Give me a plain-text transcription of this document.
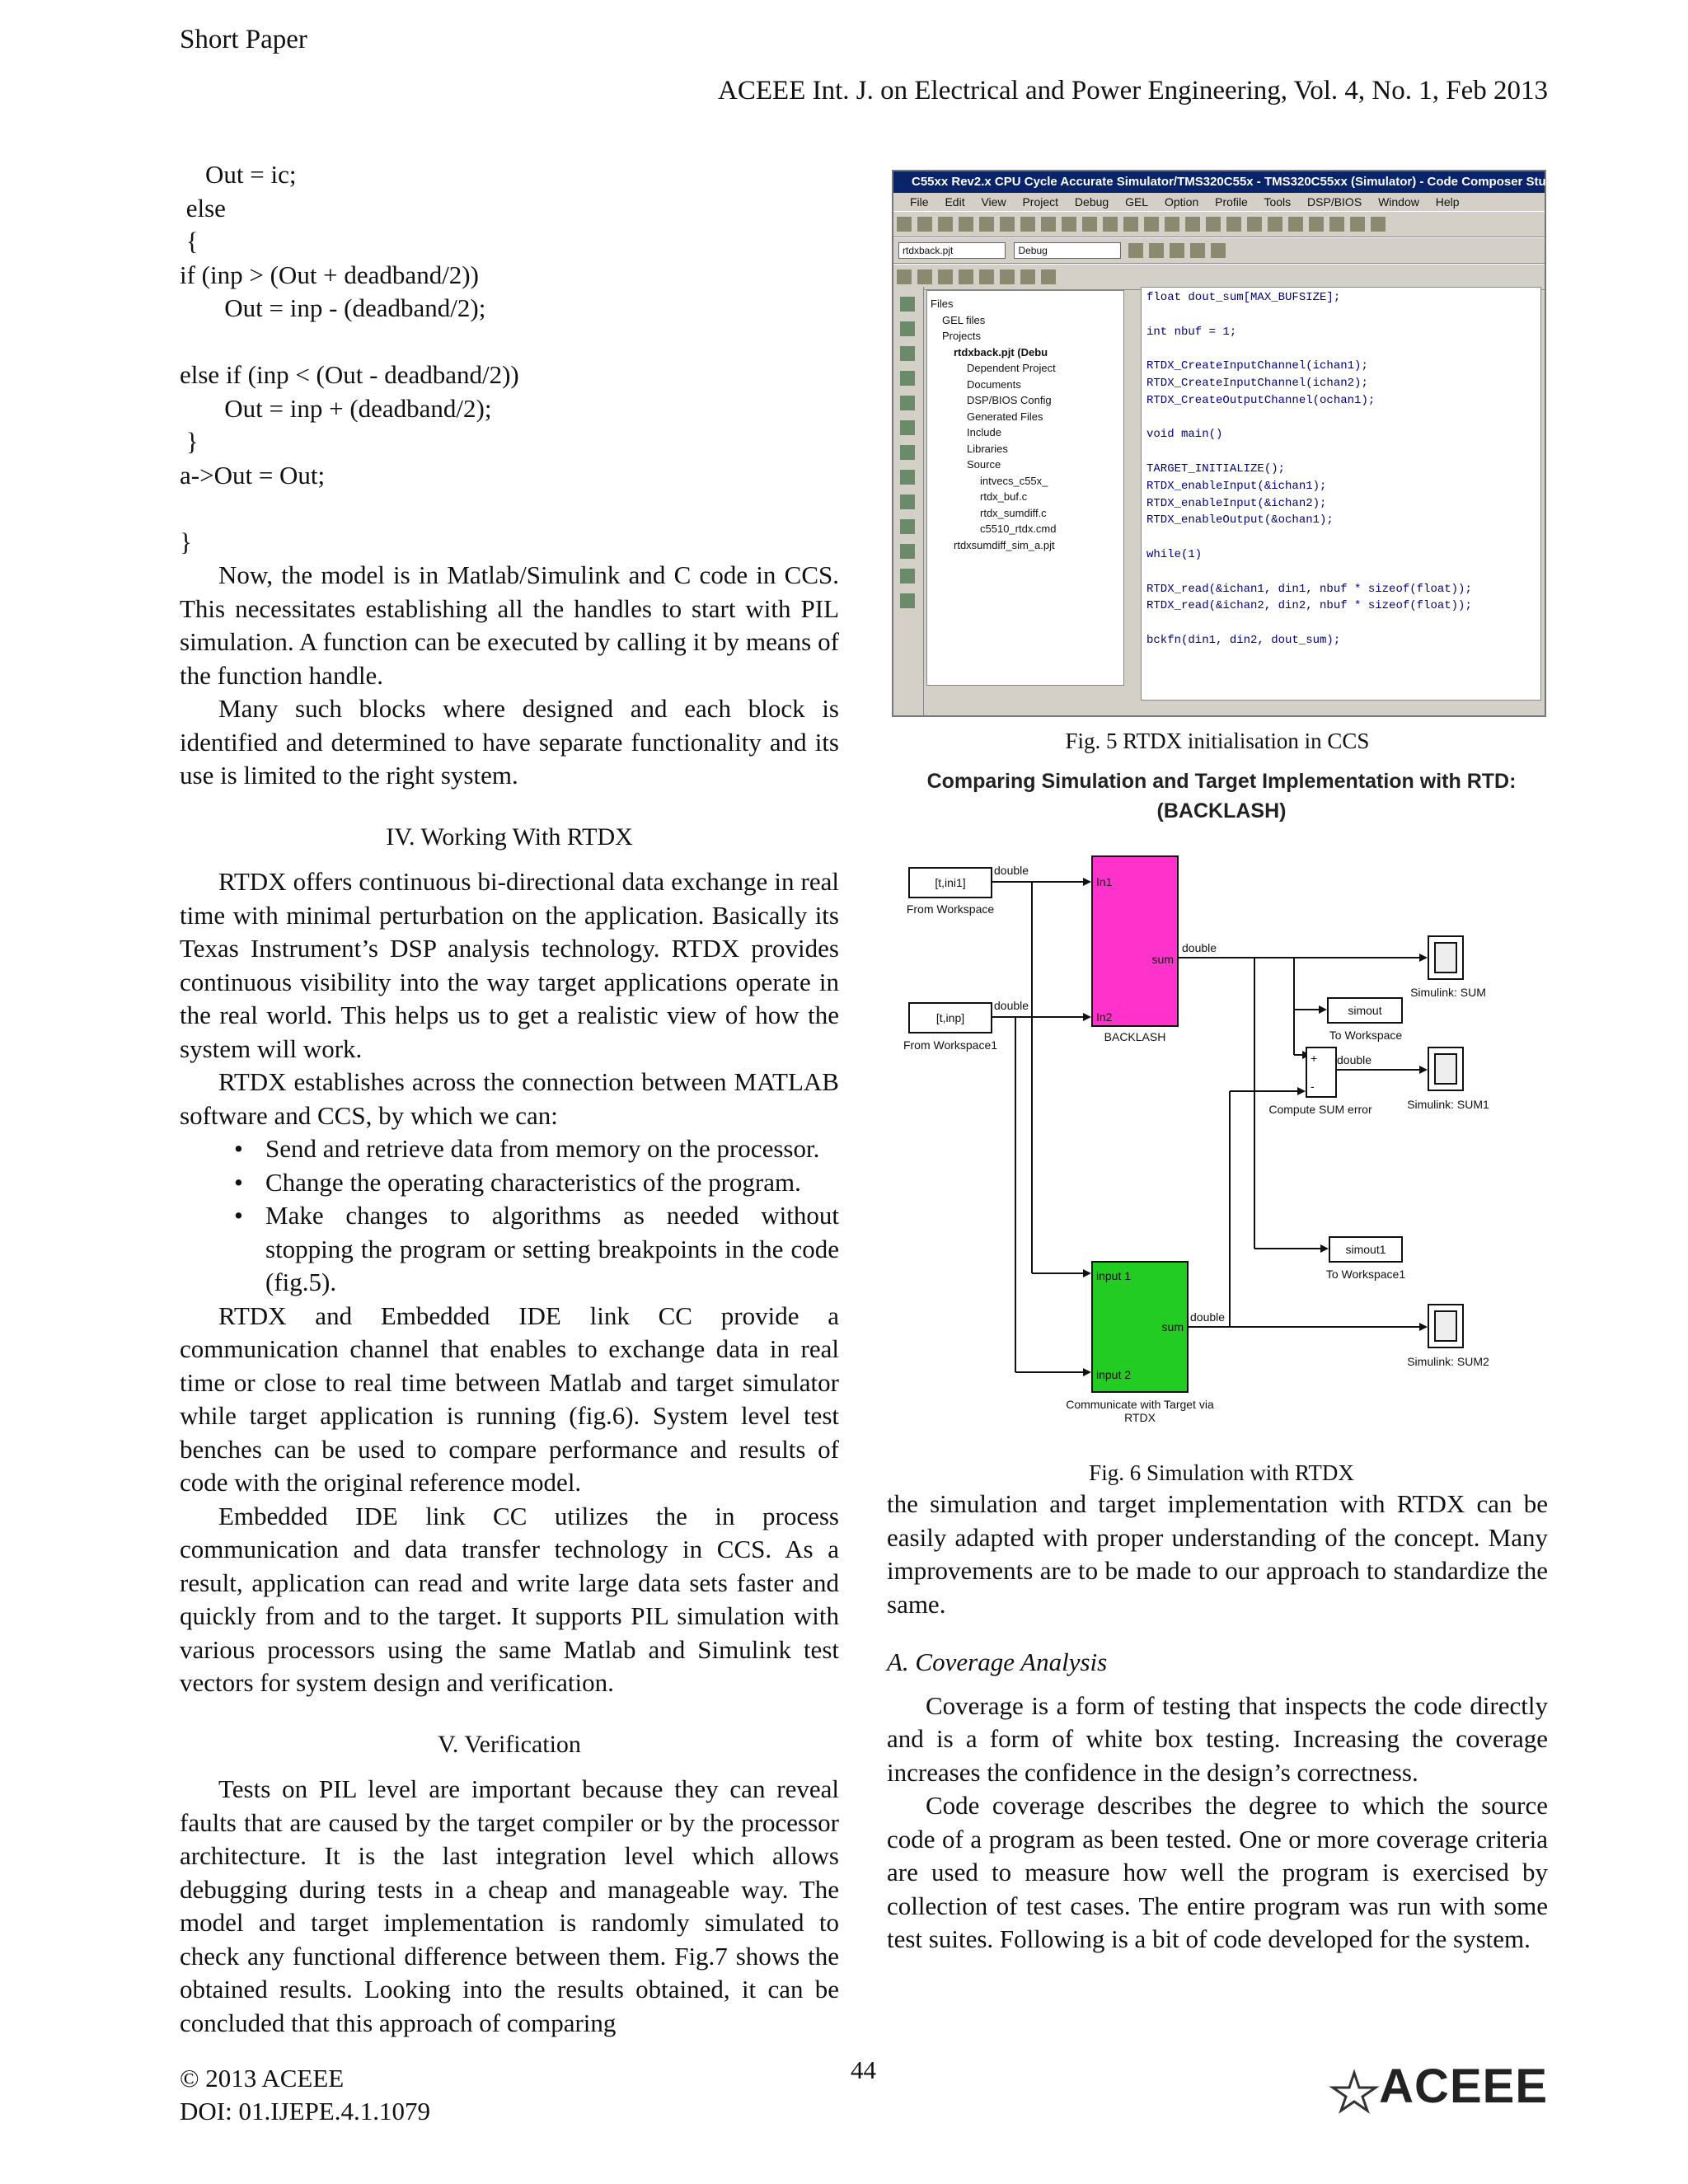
Short Paper
ACEEE Int. J. on Electrical and Power Engineering, Vol. 4, No. 1, Feb 2013
Out = ic;
else
{
if (inp > (Out + deadband/2))
Out = inp - (deadband/2);

else if (inp < (Out - deadband/2))
Out = inp + (deadband/2);
}
a->Out = Out;

}

Now, the model is in Matlab/Simulink and C code in CCS. This necessitates establishing all the handles to start with PIL simulation. A function can be executed by calling it by means of the function handle.

Many such blocks where designed and each block is identified and determined to have separate functionality and its use is limited to the right system.

IV. Working With RTDX

RTDX offers continuous bi-directional data exchange in real time with minimal perturbation on the application. Basically its Texas Instrument’s DSP analysis technology. RTDX provides continuous visibility into the way target applications operate in the real world. This helps us to get a realistic view of how the system will work.

RTDX establishes across the connection between MATLAB software and CCS, by which we can:

• Send and retrieve data from memory on the processor.
• Change the operating characteristics of the program.
• Make changes to algorithms as needed without stopping the program or setting breakpoints in the code (fig.5).

RTDX and Embedded IDE link CC provide a communication channel that enables to exchange data in real time or close to real time between Matlab and target simulator while target application is running (fig.6). System level test benches can be used to compare performance and results of code with the original reference model.

Embedded IDE link CC utilizes the in process communication and data transfer technology in CCS. As a result, application can read and write large data sets faster and quickly from and to the target. It supports PIL simulation with various processors using the same Matlab and Simulink test vectors for system design and verification.

V. Verification

Tests on PIL level are important because they can reveal faults that are caused by the target compiler or by the processor architecture. It is the last integration level which allows debugging during tests in a cheap and manageable way. The model and target implementation is randomly simulated to check any functional difference between them. Fig.7 shows the obtained results. Looking into the results obtained, it can be concluded that this approach of comparing

C55xx Rev2.x CPU Cycle Accurate Simulator/TMS320C55x - TMS320C55xx (Simulator) - Code Composer Studio - [rtdx_sumdiff1.c]
File Edit View Project Debug GEL Option Profile Tools DSP/BIOS Window Help
rtdxback.pjt	Debug
Files
GEL files
Projects
rtdxback.pjt (Debu
Dependent Project
Documents
DSP/BIOS Config
Generated Files
Include
Libraries
Source
intvecs_c55x_
rtdx_buf.c
rtdx_sumdiff.c
c5510_rtdx.cmd
rtdxsumdiff_sim_a.pjt
float dout_sum[MAX_BUFSIZE];

int nbuf = 1;

RTDX_CreateInputChannel(ichan1);
RTDX_CreateInputChannel(ichan2);
RTDX_CreateOutputChannel(ochan1);

void main()

TARGET_INITIALIZE();
RTDX_enableInput(&ichan1);
RTDX_enableInput(&ichan2);
RTDX_enableOutput(&ochan1);

while(1)

RTDX_read(&ichan1, din1, nbuf * sizeof(float));
RTDX_read(&ichan2, din2, nbuf * sizeof(float));

bckfn(din1, din2, dout_sum);
Fig. 5 RTDX initialisation in CCS
Comparing Simulation and Target Implementation with RTD:
(BACKLASH)
[t,ini1]
From Workspace
double
[t,inp]
From Workspace1
double
In1
In2
sum
BACKLASH
double
Simulink: SUM
simout
To Workspace
+
-
double
Compute SUM error	Simulink: SUM1
simout1
To Workspace1
input 1
input 2
sum
double
Communicate with Target via RTDX
Simulink: SUM2
Fig. 6 Simulation with RTDX

the simulation and target implementation with RTDX can be easily adapted with proper understanding of the concept. Many improvements are to be made to our approach to standardize the same.

A. Coverage Analysis

Coverage is a form of testing that inspects the code directly and is a form of white box testing. Increasing the coverage increases the confidence in the design’s correctness.

Code coverage describes the degree to which the source code of a program as been tested. One or more coverage criteria are used to measure how well the program is exercised by collection of test cases. The entire program was run with some test suites. Following is a bit of code developed for the system.

© 2013 ACEEE
DOI: 01.IJEPE.4.1.1079
44	ACEEE
